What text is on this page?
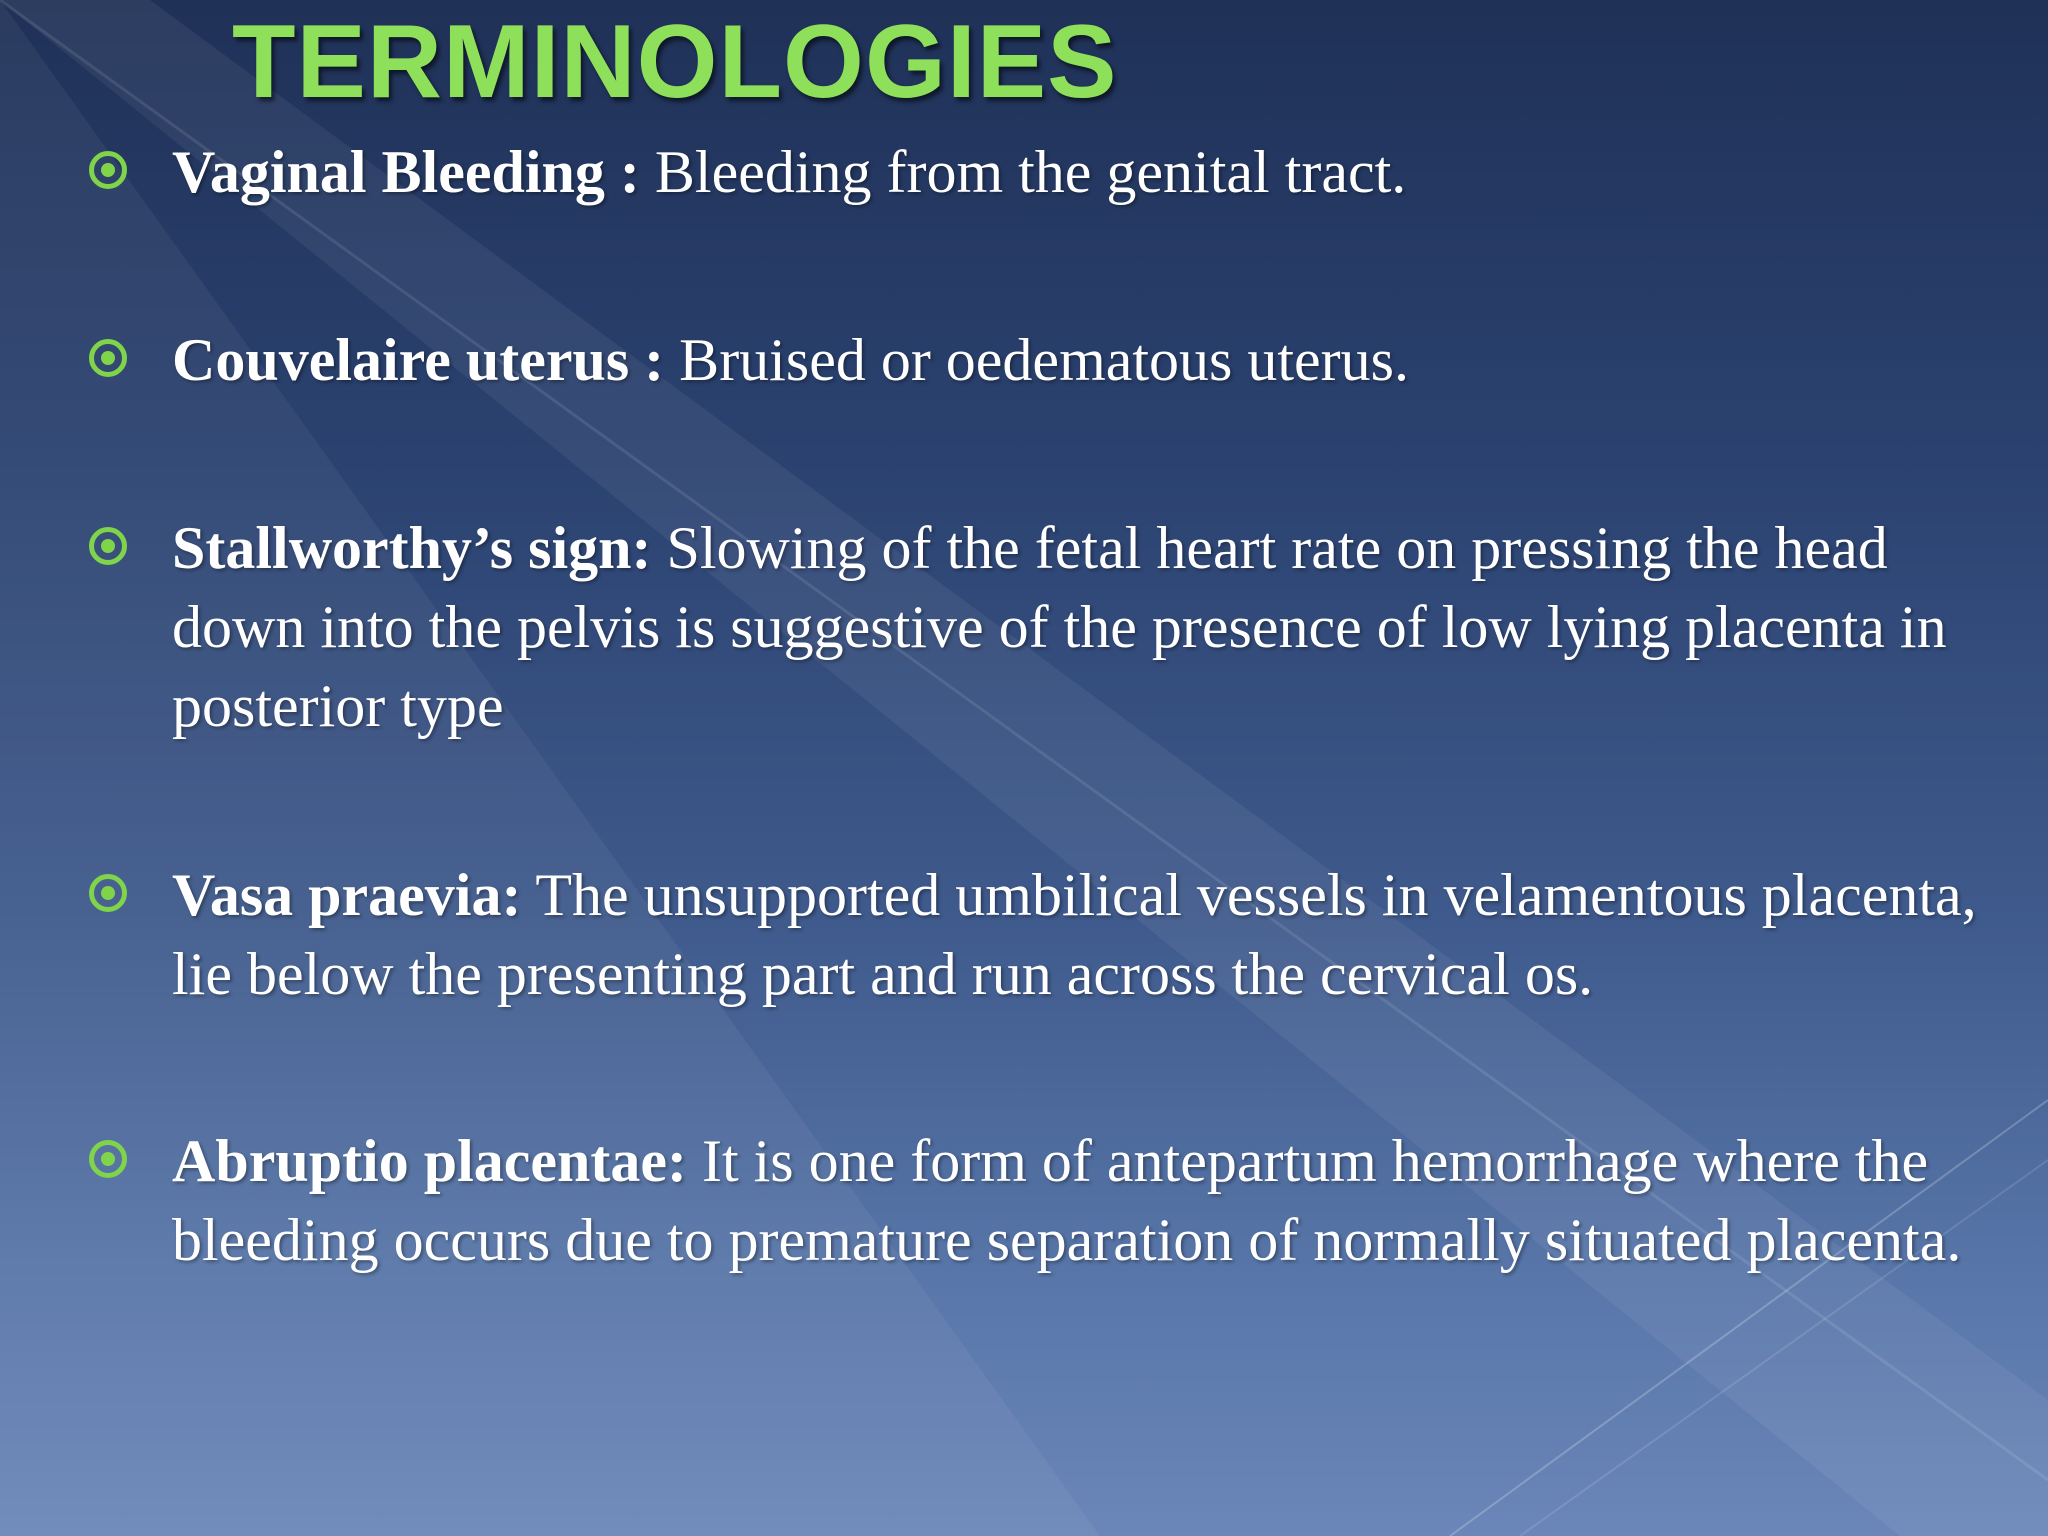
TERMINOLOGIES
Vaginal Bleeding : Bleeding from the genital tract.
Couvelaire uterus : Bruised or oedematous uterus.
Stallworthy’s sign: Slowing of the fetal heart rate on pressing the head down into the pelvis is suggestive of the presence of low lying placenta in posterior type
Vasa praevia: The unsupported umbilical vessels in velamentous placenta, lie below the presenting part and run across the cervical os.
Abruptio placentae: It is one form of antepartum hemorrhage where the bleeding occurs due to premature separation of normally situated placenta.
